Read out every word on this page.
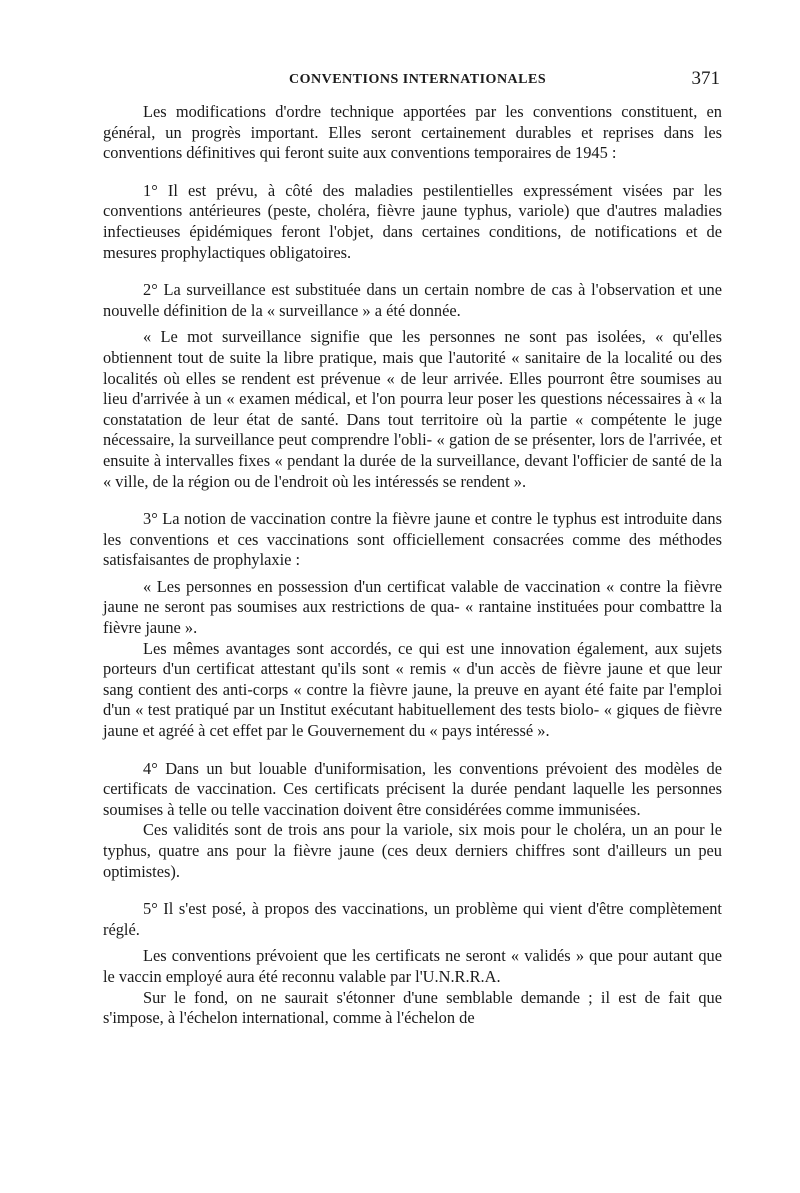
CONVENTIONS INTERNATIONALES	371

Les modifications d'ordre technique apportées par les conventions constituent, en général, un progrès important. Elles seront certainement durables et reprises dans les conventions définitives qui feront suite aux conventions temporaires de 1945 :

1° Il est prévu, à côté des maladies pestilentielles expressément visées par les conventions antérieures (peste, choléra, fièvre jaune typhus, variole) que d'autres maladies infectieuses épidémiques feront l'objet, dans certaines conditions, de notifications et de mesures prophylactiques obligatoires.

2° La surveillance est substituée dans un certain nombre de cas à l'observation et une nouvelle définition de la « surveillance » a été donnée.

« Le mot surveillance signifie que les personnes ne sont pas isolées, « qu'elles obtiennent tout de suite la libre pratique, mais que l'autorité « sanitaire de la localité ou des localités où elles se rendent est prévenue « de leur arrivée. Elles pourront être soumises au lieu d'arrivée à un « examen médical, et l'on pourra leur poser les questions nécessaires à « la constatation de leur état de santé. Dans tout territoire où la partie « compétente le juge nécessaire, la surveillance peut comprendre l'obli- « gation de se présenter, lors de l'arrivée, et ensuite à intervalles fixes « pendant la durée de la surveillance, devant l'officier de santé de la « ville, de la région ou de l'endroit où les intéressés se rendent ».

3° La notion de vaccination contre la fièvre jaune et contre le typhus est introduite dans les conventions et ces vaccinations sont officiellement consacrées comme des méthodes satisfaisantes de prophylaxie :

« Les personnes en possession d'un certificat valable de vaccination « contre la fièvre jaune ne seront pas soumises aux restrictions de qua- « rantaine instituées pour combattre la fièvre jaune ».

Les mêmes avantages sont accordés, ce qui est une innovation également, aux sujets porteurs d'un certificat attestant qu'ils sont « remis « d'un accès de fièvre jaune et que leur sang contient des anti-corps « contre la fièvre jaune, la preuve en ayant été faite par l'emploi d'un « test pratiqué par un Institut exécutant habituellement des tests biolo- « giques de fièvre jaune et agréé à cet effet par le Gouvernement du « pays intéressé ».

4° Dans un but louable d'uniformisation, les conventions prévoient des modèles de certificats de vaccination. Ces certificats précisent la durée pendant laquelle les personnes soumises à telle ou telle vaccination doivent être considérées comme immunisées.

Ces validités sont de trois ans pour la variole, six mois pour le choléra, un an pour le typhus, quatre ans pour la fièvre jaune (ces deux derniers chiffres sont d'ailleurs un peu optimistes).

5° Il s'est posé, à propos des vaccinations, un problème qui vient d'être complètement réglé.

Les conventions prévoient que les certificats ne seront « validés » que pour autant que le vaccin employé aura été reconnu valable par l'U.N.R.R.A.

Sur le fond, on ne saurait s'étonner d'une semblable demande ; il est de fait que s'impose, à l'échelon international, comme à l'échelon de
